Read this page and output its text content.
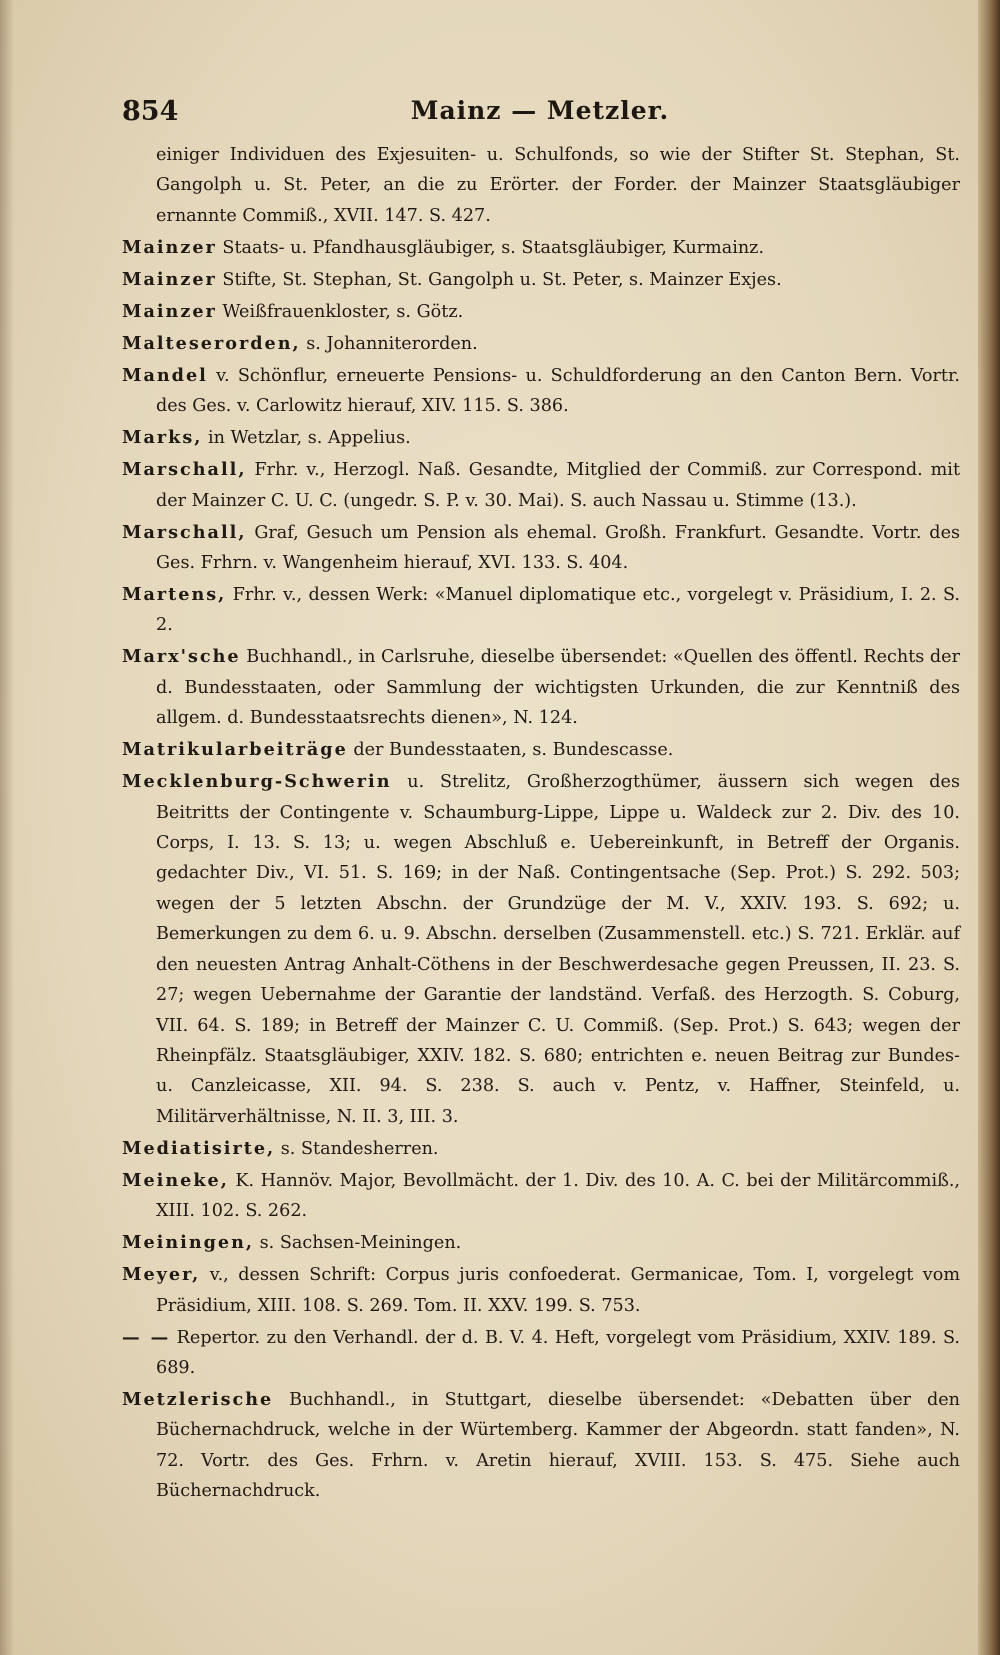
854	Mainz — Metzler.

einiger Individuen des Exjesuiten- u. Schulfonds, so wie der Stifter St. Stephan, St. Gangolph u. St. Peter, an die zu Erörter. der Forder. der Mainzer Staatsgläubiger ernannte Commiß., XVII. 147. S. 427.

Mainzer Staats- u. Pfandhausgläubiger, s. Staatsgläubiger, Kurmainz.

Mainzer Stifte, St. Stephan, St. Gangolph u. St. Peter, s. Mainzer Exjes.

Mainzer Weißfrauenkloster, s. Götz.

Malteserorden, s. Johanniterorden.

Mandel v. Schönflur, erneuerte Pensions- u. Schuldforderung an den Canton Bern. Vortr. des Ges. v. Carlowitz hierauf, XIV. 115. S. 386.

Marks, in Wetzlar, s. Appelius.

Marschall, Frhr. v., Herzogl. Naß. Gesandte, Mitglied der Commiß. zur Correspond. mit der Mainzer C. U. C. (ungedr. S. P. v. 30. Mai). S. auch Nassau u. Stimme (13.).

Marschall, Graf, Gesuch um Pension als ehemal. Großh. Frankfurt. Gesandte. Vortr. des Ges. Frhrn. v. Wangenheim hierauf, XVI. 133. S. 404.

Martens, Frhr. v., dessen Werk: «Manuel diplomatique etc., vorgelegt v. Präsidium, I. 2. S. 2.

Marx'sche Buchhandl., in Carlsruhe, dieselbe übersendet: «Quellen des öffentl. Rechts der d. Bundesstaaten, oder Sammlung der wichtigsten Urkunden, die zur Kenntniß des allgem. d. Bundesstaatsrechts dienen», N. 124.

Matrikularbeiträge der Bundesstaaten, s. Bundescasse.

Mecklenburg-Schwerin u. Strelitz, Großherzogthümer, äussern sich wegen des Beitritts der Contingente v. Schaumburg-Lippe, Lippe u. Waldeck zur 2. Div. des 10. Corps, I. 13. S. 13; u. wegen Abschluß e. Uebereinkunft, in Betreff der Organis. gedachter Div., VI. 51. S. 169; in der Naß. Contingentsache (Sep. Prot.) S. 292. 503; wegen der 5 letzten Abschn. der Grundzüge der M. V., XXIV. 193. S. 692; u. Bemerkungen zu dem 6. u. 9. Abschn. derselben (Zusammenstell. etc.) S. 721. Erklär. auf den neuesten Antrag Anhalt-Cöthens in der Beschwerdesache gegen Preussen, II. 23. S. 27; wegen Uebernahme der Garantie der landständ. Verfaß. des Herzogth. S. Coburg, VII. 64. S. 189; in Betreff der Mainzer C. U. Commiß. (Sep. Prot.) S. 643; wegen der Rheinpfälz. Staatsgläubiger, XXIV. 182. S. 680; entrichten e. neuen Beitrag zur Bundes- u. Canzleicasse, XII. 94. S. 238. S. auch v. Pentz, v. Haffner, Steinfeld, u. Militärverhältnisse, N. II. 3, III. 3.

Mediatisirte, s. Standesherren.

Meineke, K. Hannöv. Major, Bevollmächt. der 1. Div. des 10. A. C. bei der Militärcommiß., XIII. 102. S. 262.

Meiningen, s. Sachsen-Meiningen.

Meyer, v., dessen Schrift: Corpus juris confoederat. Germanicae, Tom. I, vorgelegt vom Präsidium, XIII. 108. S. 269. Tom. II. XXV. 199. S. 753.

— — Repertor. zu den Verhandl. der d. B. V. 4. Heft, vorgelegt vom Präsidium, XXIV. 189. S. 689.

Metzlerische Buchhandl., in Stuttgart, dieselbe übersendet: «Debatten über den Büchernachdruck, welche in der Würtemberg. Kammer der Abgeordn. statt fanden», N. 72. Vortr. des Ges. Frhrn. v. Aretin hierauf, XVIII. 153. S. 475. Siehe auch Büchernachdruck.
